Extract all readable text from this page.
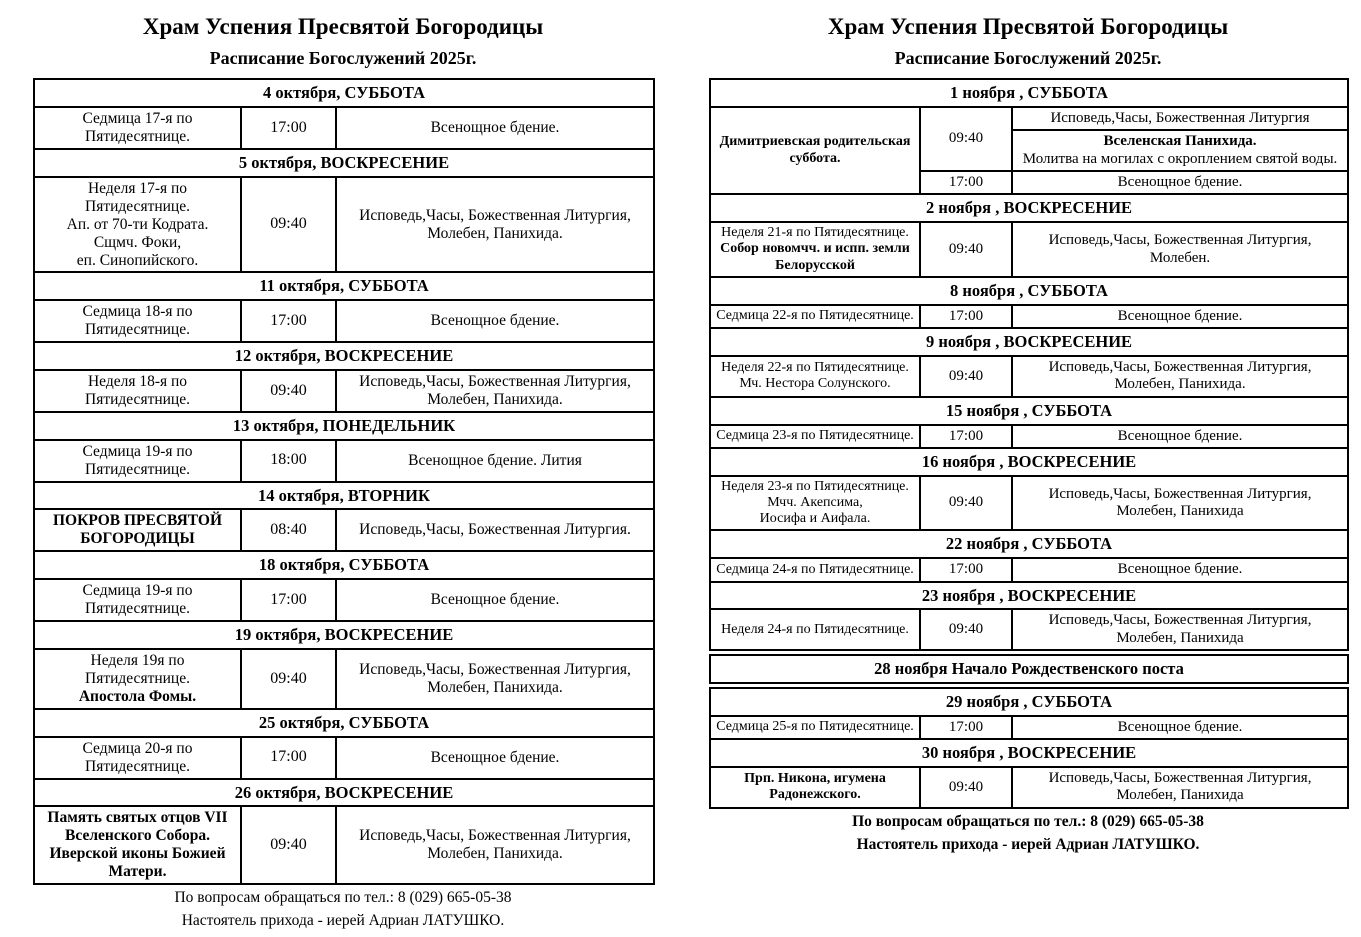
Храм Успения Пресвятой Богородицы
Расписание Богослужений 2025г.
4 октября, СУББОТА		

Седмица 17-я по Пятидесятнице.	17:00	Всенощное бдение.

5 октября, ВОСКРЕСЕНИЕ		

Неделя 17-я по Пятидесятнице.
Ап. от 70-ти Кодрата.
Сщмч. Фоки,
еп. Синопийского.	09:40	Исповедь,Часы, Божественная Литургия, Молебен, Панихида.

11 октября, СУББОТА		

Седмица 18-я по Пятидесятнице.	17:00	Всенощное бдение.

12 октября, ВОСКРЕСЕНИЕ		

Неделя 18-я по Пятидесятнице.	09:40	Исповедь,Часы, Божественная Литургия, Молебен, Панихида.

13 октября, ПОНЕДЕЛЬНИК		

Седмица 19-я по Пятидесятнице.	18:00	Всенощное бдение. Лития

14 октября, ВТОРНИК		

ПОКРОВ ПРЕСВЯТОЙ БОГОРОДИЦЫ	08:40	Исповедь,Часы, Божественная Литургия.

18 октября, СУББОТА		

Седмица 19-я по Пятидесятнице.	17:00	Всенощное бдение.

19 октября, ВОСКРЕСЕНИЕ		

Неделя 19я по Пятидесятнице.
Апостола Фомы.	09:40	Исповедь,Часы, Божественная Литургия, Молебен, Панихида.

25 октября, СУББОТА		

Седмица 20-я по Пятидесятнице.	17:00	Всенощное бдение.

26 октября, ВОСКРЕСЕНИЕ		

Память святых отцов VII Вселенского Собора.
Иверской иконы Божией Матери.	09:40	Исповедь,Часы, Божественная Литургия, Молебен, Панихида.
По вопросам обращаться по тел.: 8 (029) 665-05-38
Настоятель прихода - иерей Адриан ЛАТУШКО.
Храм Успения Пресвятой Богородицы
Расписание Богослужений 2025г.
1 ноября , СУББОТА		

Димитриевская родительская суббота.	09:40	Исповедь,Часы, Божественная Литургия

		Вселенская Панихида.
Молитва на могилах с окроплением святой воды.

	17:00	Всенощное бдение.

2 ноября , ВОСКРЕСЕНИЕ		

Неделя 21-я по Пятидесятнице.
Собор новомчч. и испп. земли Белорусской	09:40	Исповедь,Часы, Божественная Литургия, Молебен.

8 ноября , СУББОТА		

Седмица 22-я по Пятидесятнице.	17:00	Всенощное бдение.

9 ноября , ВОСКРЕСЕНИЕ		

Неделя 22-я по Пятидесятнице.
Мч. Нестора Солунского.	09:40	Исповедь,Часы, Божественная Литургия, Молебен, Панихида.

15 ноября , СУББОТА		

Седмица 23-я по Пятидесятнице.	17:00	Всенощное бдение.

16 ноября , ВОСКРЕСЕНИЕ		

Неделя 23-я по Пятидесятнице.
Мчч. Акепсима,
Иосифа и Аифала.	09:40	Исповедь,Часы, Божественная Литургия, Молебен, Панихида

22 ноября , СУББОТА		

Седмица 24-я по Пятидесятнице.	17:00	Всенощное бдение.

23 ноября , ВОСКРЕСЕНИЕ		

Неделя 24-я по Пятидесятнице.	09:40	Исповедь,Часы, Божественная Литургия, Молебен, Панихида
28 ноября Начало Рождественского поста
29 ноября , СУББОТА		

Седмица 25-я по Пятидесятнице.	17:00	Всенощное бдение.

30 ноября , ВОСКРЕСЕНИЕ		

Прп. Никона, игумена Радонежского.	09:40	Исповедь,Часы, Божественная Литургия, Молебен, Панихида
По вопросам обращаться по тел.: 8 (029) 665-05-38
Настоятель прихода - иерей Адриан ЛАТУШКО.
